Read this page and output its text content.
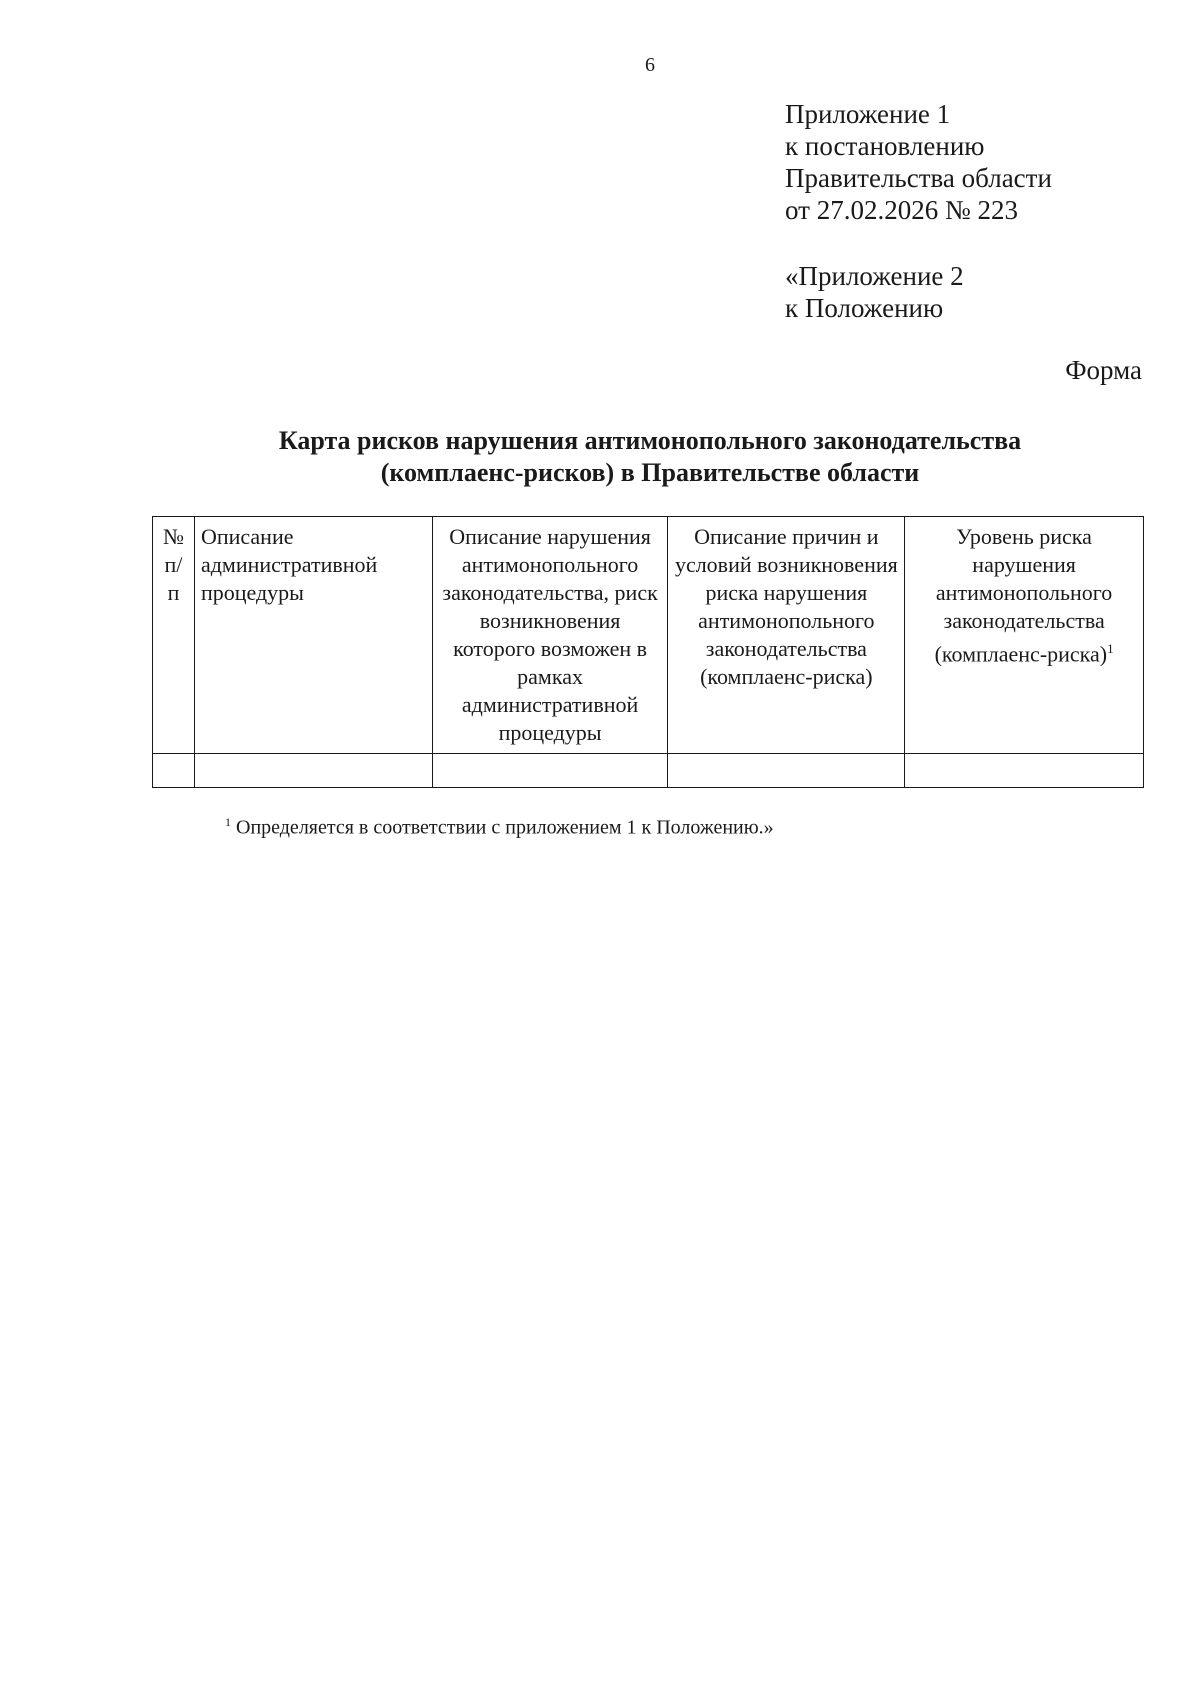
6
Приложение 1
к постановлению
Правительства области
от 27.02.2026 № 223
«Приложение 2
к Положению
Форма
Карта рисков нарушения антимонопольного законодательства
(комплаенс-рисков) в Правительстве области
№ п/п	Описание административной процедуры	Описание нарушения антимонопольного законодательства, риск возникновения которого возможен в рамках административной процедуры	Описание причин и условий возникновения риска нарушения антимонопольного законодательства (комплаенс-риска)	Уровень риска нарушения антимонопольного законодательства (комплаенс-риска)$^1$

$^1$ Определяется в соответствии с приложением 1 к Положению.»
